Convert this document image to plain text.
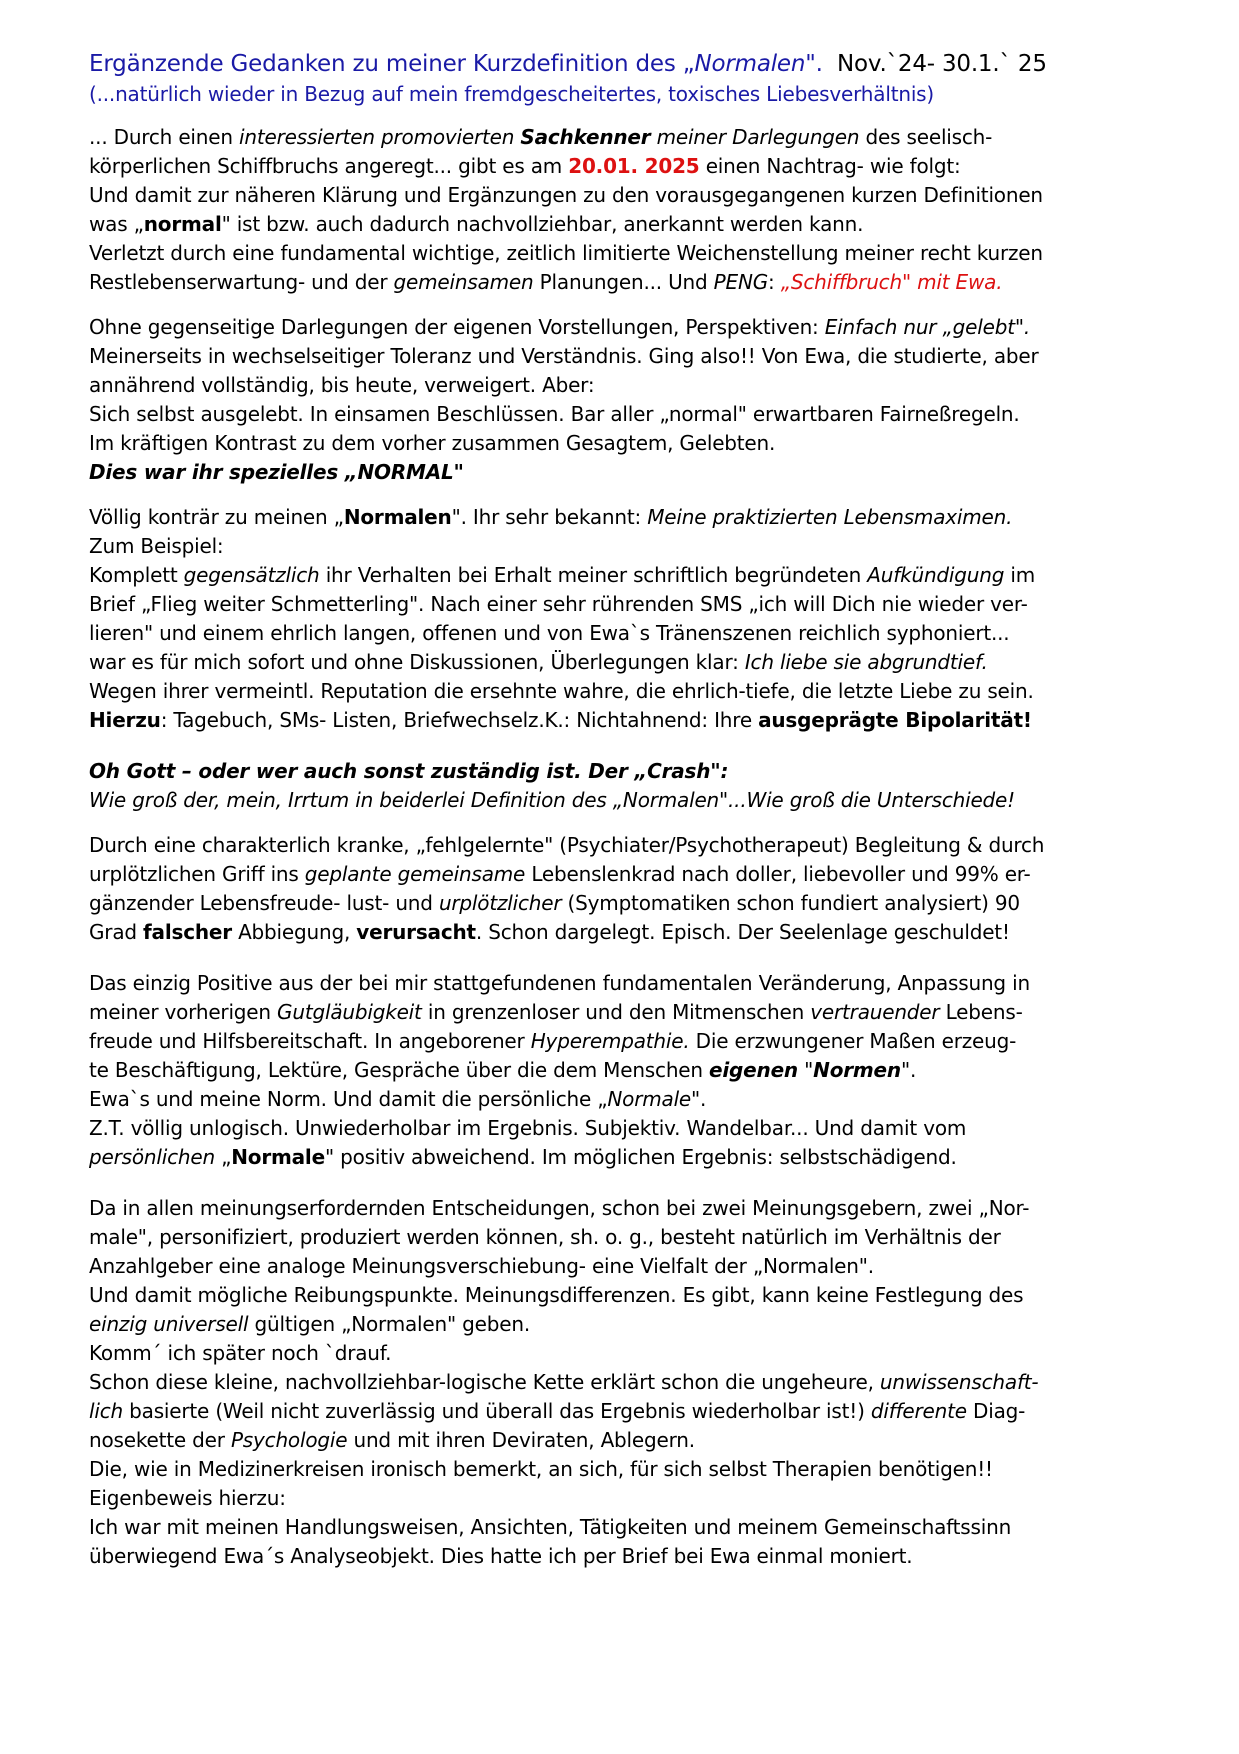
Ergänzende Gedanken zu meiner Kurzdefinition des „Normalen". Nov.`24- 30.1.` 25
(...natürlich wieder in Bezug auf mein fremdgescheitertes, toxisches Liebesverhältnis)
... Durch einen interessierten promovierten Sachkenner meiner Darlegungen des seelisch-
körperlichen Schiffbruchs angeregt... gibt es am 20.01. 2025 einen Nachtrag- wie folgt:
Und damit zur näheren Klärung und Ergänzungen zu den vorausgegangenen kurzen Definitionen
was „normal" ist bzw. auch dadurch nachvollziehbar, anerkannt werden kann.
Verletzt durch eine fundamental wichtige, zeitlich limitierte Weichenstellung meiner recht kurzen
Restlebenserwartung- und der gemeinsamen Planungen... Und PENG: „Schiffbruch" mit Ewa.
Ohne gegenseitige Darlegungen der eigenen Vorstellungen, Perspektiven: Einfach nur „gelebt".
Meinerseits in wechselseitiger Toleranz und Verständnis. Ging also!! Von Ewa, die studierte, aber
annährend vollständig, bis heute, verweigert. Aber:
Sich selbst ausgelebt. In einsamen Beschlüssen. Bar aller „normal" erwartbaren Fairneßregeln.
Im kräftigen Kontrast zu dem vorher zusammen Gesagtem, Gelebten.
Dies war ihr spezielles „NORMAL"
Völlig konträr zu meinen „Normalen". Ihr sehr bekannt: Meine praktizierten Lebensmaximen.
Zum Beispiel:
Komplett gegensätzlich ihr Verhalten bei Erhalt meiner schriftlich begründeten Aufkündigung im
Brief „Flieg weiter Schmetterling". Nach einer sehr rührenden SMS „ich will Dich nie wieder ver-
lieren" und einem ehrlich langen, offenen und von Ewa`s Tränenszenen reichlich syphoniert...
war es für mich sofort und ohne Diskussionen, Überlegungen klar: Ich liebe sie abgrundtief.
Wegen ihrer vermeintl. Reputation die ersehnte wahre, die ehrlich-tiefe, die letzte Liebe zu sein.
Hierzu: Tagebuch, SMs- Listen, Briefwechselz.K.: Nichtahnend: Ihre ausgeprägte Bipolarität!
Oh Gott – oder wer auch sonst zuständig ist. Der „Crash":
Wie groß der, mein, Irrtum in beiderlei Definition des „Normalen"...Wie groß die Unterschiede!
Durch eine charakterlich kranke, „fehlgelernte" (Psychiater/Psychotherapeut) Begleitung & durch
urplötzlichen Griff ins geplante gemeinsame Lebenslenkrad nach doller, liebevoller und 99% er-
gänzender Lebensfreude- lust- und urplötzlicher (Symptomatiken schon fundiert analysiert) 90
Grad falscher Abbiegung, verursacht. Schon dargelegt. Episch. Der Seelenlage geschuldet!
Das einzig Positive aus der bei mir stattgefundenen fundamentalen Veränderung, Anpassung in
meiner vorherigen Gutgläubigkeit in grenzenloser und den Mitmenschen vertrauender Lebens-
freude und Hilfsbereitschaft. In angeborener Hyperempathie. Die erzwungener Maßen erzeug-
te Beschäftigung, Lektüre, Gespräche über die dem Menschen eigenen "Normen".
Ewa`s und meine Norm. Und damit die persönliche „Normale".
Z.T. völlig unlogisch. Unwiederholbar im Ergebnis. Subjektiv. Wandelbar... Und damit vom
persönlichen „Normale" positiv abweichend. Im möglichen Ergebnis: selbstschädigend.
Da in allen meinungserfordernden Entscheidungen, schon bei zwei Meinungsgebern, zwei „Nor-
male", personifiziert, produziert werden können, sh. o. g., besteht natürlich im Verhältnis der
Anzahlgeber eine analoge Meinungsverschiebung- eine Vielfalt der „Normalen".
Und damit mögliche Reibungspunkte. Meinungsdifferenzen. Es gibt, kann keine Festlegung des
einzig universell gültigen „Normalen" geben.
Komm´ ich später noch `drauf.
Schon diese kleine, nachvollziehbar-logische Kette erklärt schon die ungeheure, unwissenschaft-
lich basierte (Weil nicht zuverlässig und überall das Ergebnis wiederholbar ist!) differente Diag-
nosekette der Psychologie und mit ihren Deviraten, Ablegern.
Die, wie in Medizinerkreisen ironisch bemerkt, an sich, für sich selbst Therapien benötigen!!
Eigenbeweis hierzu:
Ich war mit meinen Handlungsweisen, Ansichten, Tätigkeiten und meinem Gemeinschaftssinn
überwiegend Ewa´s Analyseobjekt. Dies hatte ich per Brief bei Ewa einmal moniert.
